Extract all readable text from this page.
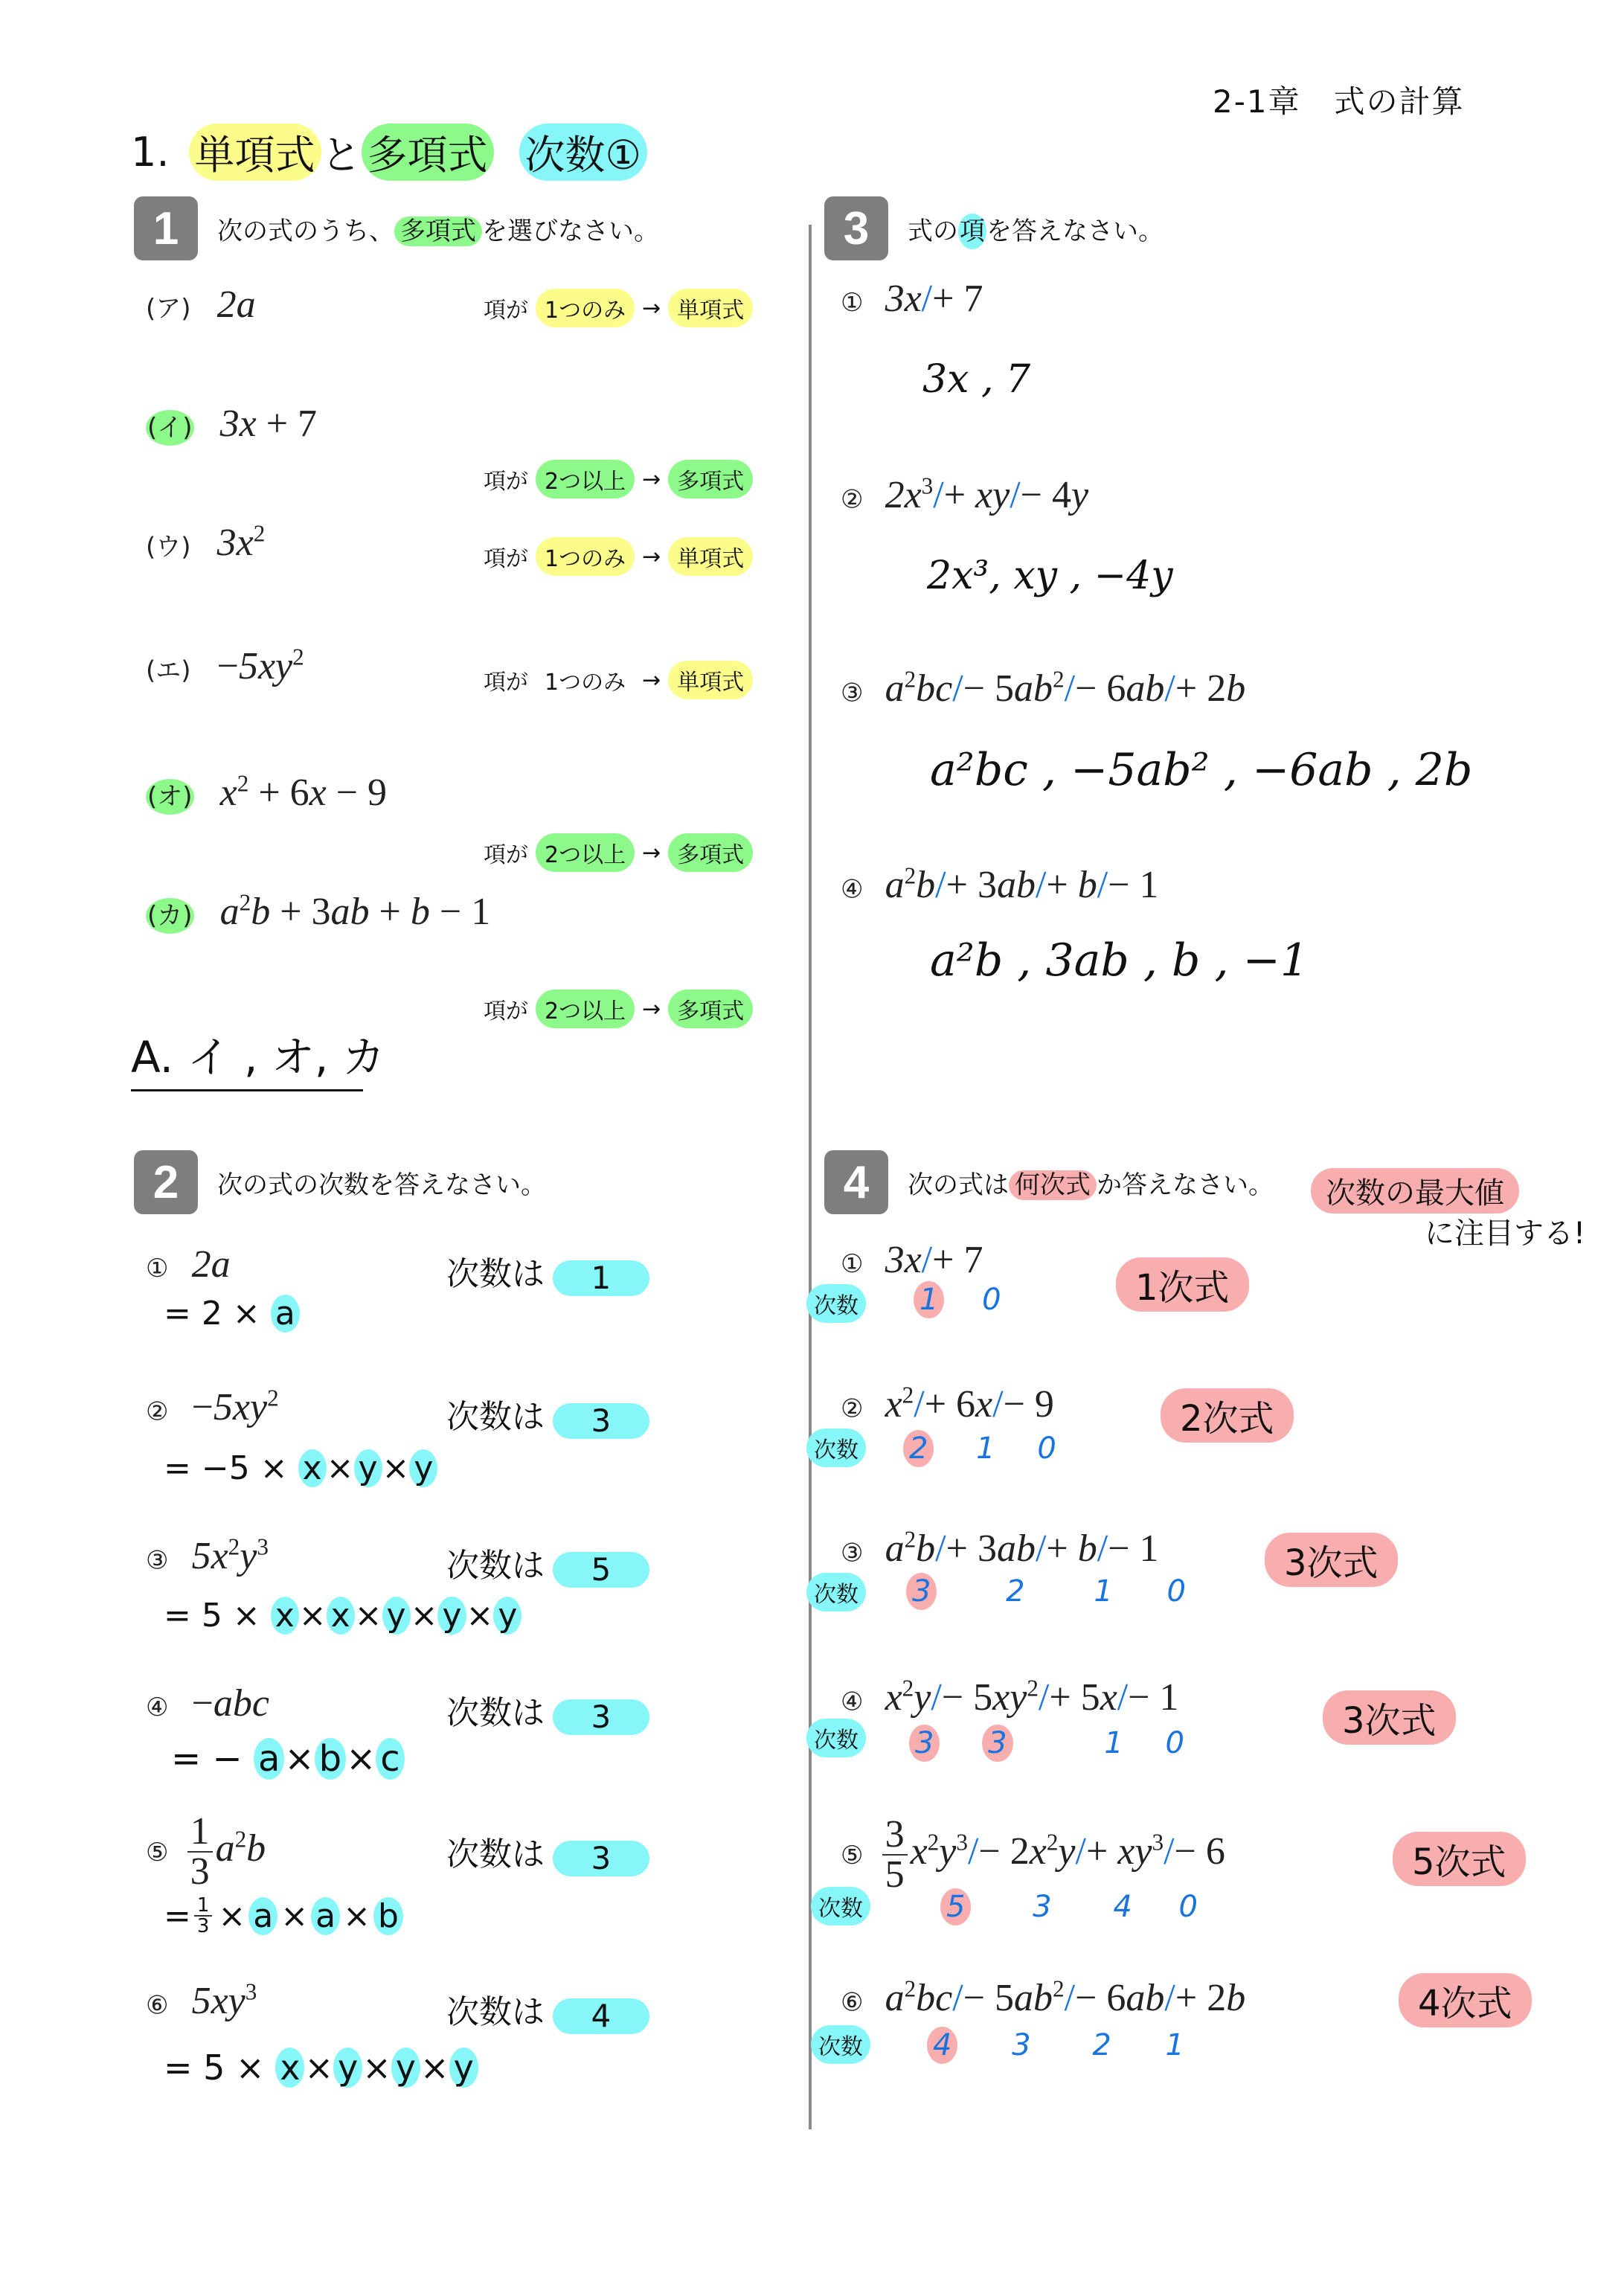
2-1章　式の計算
1. 単項式 と 多項式 次数①
1	次の式のうち、 多項式 を選びなさい。
(ア) 2a	項が 1つのみ → 単項式
(イ) 3x + 7
項が 2つ以上 → 多項式
(ウ) $3x^2$
項が 1つのみ → 単項式
(エ) $-5xy^2$
項が 1つのみ → 単項式
(オ) $x^2 + 6x - 9$
項が 2つ以上 → 多項式
(カ) $a^2b + 3ab + b - 1$
項が 2つ以上 → 多項式
A. イ , オ, カ
2	次の式の次数を答えなさい。
① 2a	次数は 1
= 2 × a
② $-5xy^2$	次数は 3
= −5 × x × y × y
③ $5x^2y^3$	次数は 5
= 5 × x × x × y × y × y
④ −abc	次数は 3
= − a × b × c
⑤ $\frac{1}{3} a^2b$	次数は 3
= $\frac{1}{3} \times a \times a \times b$
⑥ $5xy^3$
次数は 4
= 5 × x × y × y × y
3	式の項を答えなさい。
① 3x/+ 7
3x , 7
② $2x^3/+ xy/- 4y$
2x³, xy , −4y
③ $a^2bc/- 5ab^2/- 6ab/+ 2b$
a²bc , −5ab² , −6ab , 2b
④ $a^2b/+ 3ab/+ b/- 1$
a²b , 3ab , b , −1
4	次の式は 何次式 か答えなさい。	次数の最大値
に注目する!
① 3x/+ 7
1次式
次数 1 0
② $x^2/+ 6x/- 9$	2次式
次数 2 1 0
③ $a^2b/+ 3ab/+ b/- 1$	3次式
次数 3	2 1 0
④ $x^2y/- 5xy^2/+ 5x/- 1$
3次式
次数 3 3	1 0
⑤ $\frac{3}{5} x^2y^3/- 2x^2y/+ xy^3/- 6$	5次式
次数	5 3 4 0
⑥ $a^2bc/- 5ab^2/- 6ab/+ 2b$	4次式
次数 4 3 2 1
